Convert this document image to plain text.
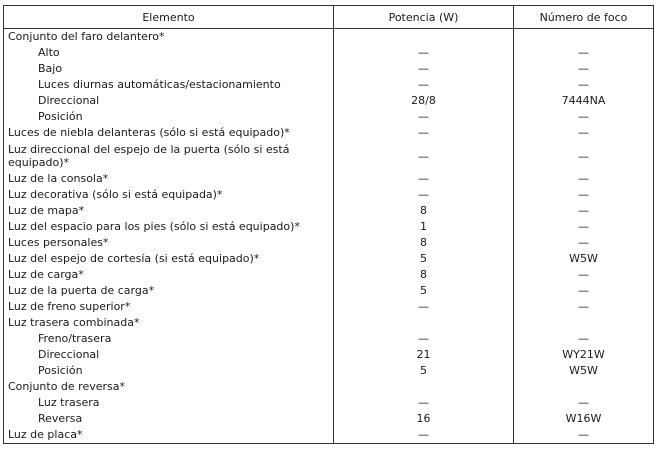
Elemento	Potencia (W)	Número de foco
Conjunto del faro delantero*		
Alto	—	—
Bajo	—	—
Luces diurnas automáticas/estacionamiento	—	—
Direccional	28/8	7444NA
Posición	—	—
Luces de niebla delanteras (sólo si está equipado)*	—	—
Luz direccional del espejo de la puerta (sólo si está equipado)*	—	—
Luz de la consola*	—	—
Luz decorativa (sólo si está equipada)*	—	—
Luz de mapa*	8	—
Luz del espacio para los pies (sólo si está equipado)*	1	—
Luces personales*	8	—
Luz del espejo de cortesía (si está equipado)*	5	W5W
Luz de carga*	8	—
Luz de la puerta de carga*	5	—
Luz de freno superior*	—	—
Luz trasera combinada*		
Freno/trasera	—	—
Direccional	21	WY21W
Posición	5	W5W
Conjunto de reversa*		
Luz trasera	—	—
Reversa	16	W16W
Luz de placa*	—	—
